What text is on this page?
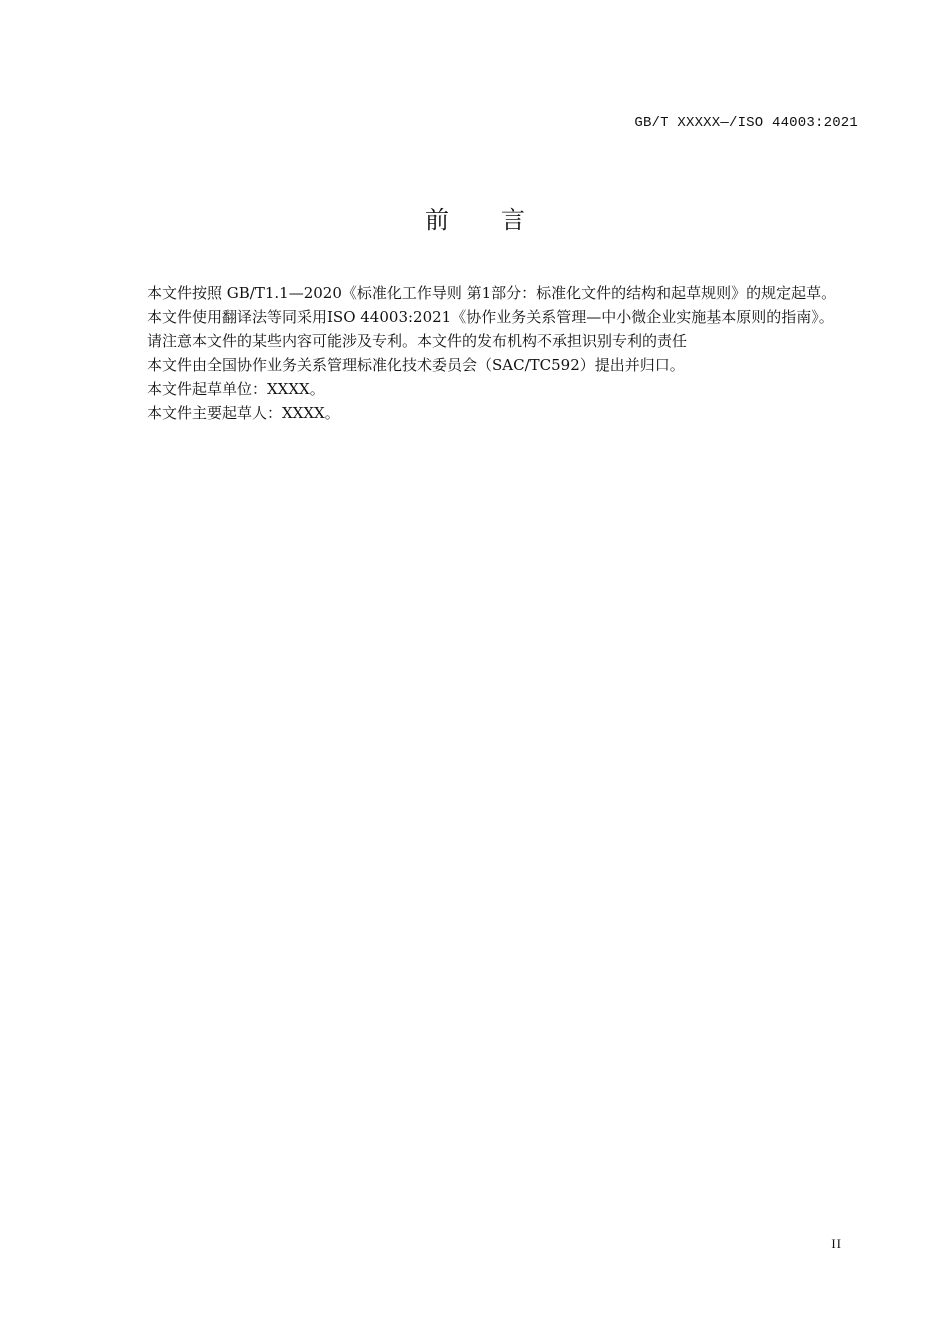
GB/T XXXXX—/ISO 44003:2021
前 言

本文件按照 GB/T1.1—2020《标准化工作导则 第1部分：标准化文件的结构和起草规则》的规定起草。

本文件使用翻译法等同采用ISO 44003:2021《协作业务关系管理—中小微企业实施基本原则的指南》。

请注意本文件的某些内容可能涉及专利。本文件的发布机构不承担识别专利的责任

本文件由全国协作业务关系管理标准化技术委员会（SAC/TC592）提出并归口。

本文件起草单位：XXXX。

本文件主要起草人：XXXX。

II
